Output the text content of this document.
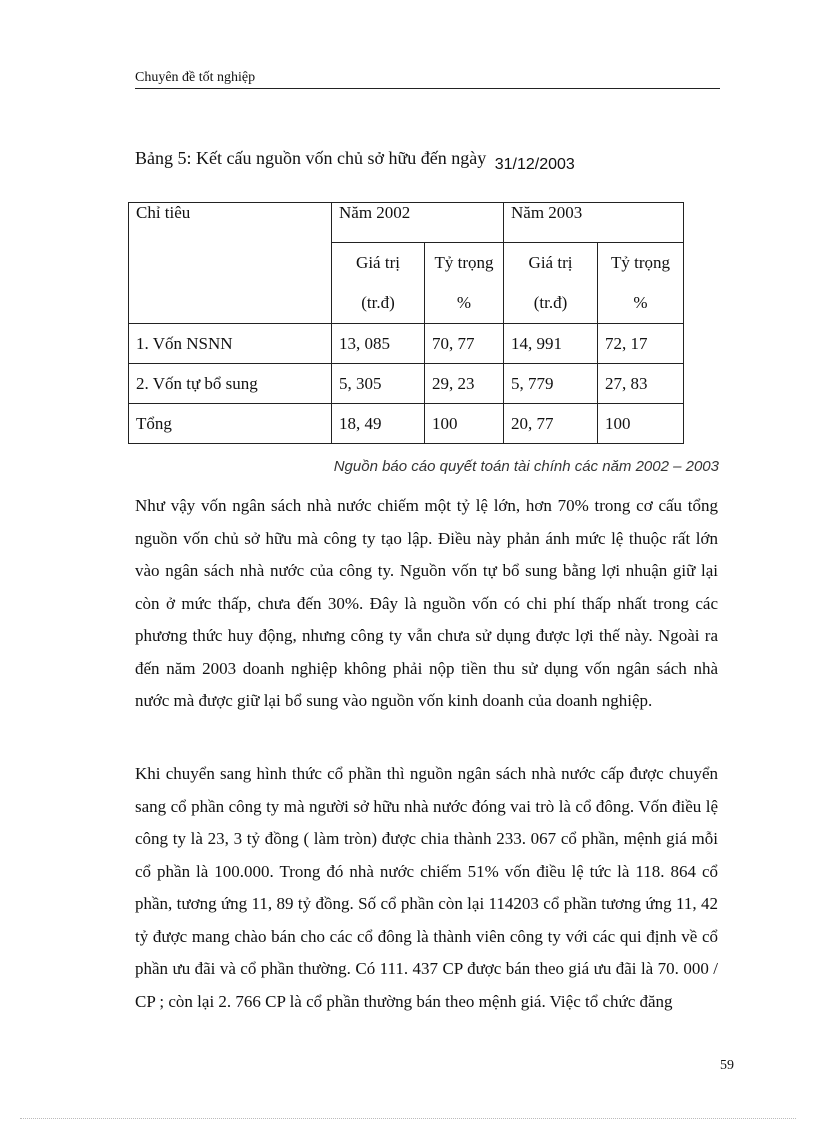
Chuyên đề tốt nghiệp
Bảng 5: Kết cấu nguồn vốn chủ sở hữu đến ngày 31/12/2003
Chỉ tiêu	Năm 2002		Năm 2003	
	Giá trị	Tỷ trọng	Giá trị	Tỷ trọng
	(tr.đ)	%	(tr.đ)	%
1. Vốn NSNN	13, 085	70, 77	14, 991	72, 17
2. Vốn tự bổ sung	5, 305	29, 23	5, 779	27, 83
Tổng	18, 49	100	20, 77	100
Nguồn báo cáo quyết toán tài chính các năm 2002 – 2003

Như vậy vốn ngân sách nhà nước chiếm một tỷ lệ lớn, hơn 70% trong cơ cấu tổng nguồn vốn chủ sở hữu mà công ty tạo lập. Điều này phản ánh mức lệ thuộc rất lớn vào ngân sách nhà nước của công ty. Nguồn vốn tự bổ sung bằng lợi nhuận giữ lại còn ở mức thấp, chưa đến 30%. Đây là nguồn vốn có chi phí thấp nhất trong các phương thức huy động, nhưng công ty vẫn chưa sử dụng được lợi thế này. Ngoài ra đến năm 2003 doanh nghiệp không phải nộp tiền thu sử dụng vốn ngân sách nhà nước mà được giữ lại bổ sung vào nguồn vốn kinh doanh của doanh nghiệp.

Khi chuyển sang hình thức cổ phần thì nguồn ngân sách nhà nước cấp được chuyển sang cổ phần công ty mà người sở hữu nhà nước đóng vai trò là cổ đông. Vốn điều lệ công ty là 23, 3 tỷ đồng ( làm tròn) được chia thành 233. 067 cổ phần, mệnh giá mỗi cổ phần là 100.000. Trong đó nhà nước chiếm 51% vốn điều lệ tức là 118. 864 cổ phần, tương ứng 11, 89 tỷ đồng. Số cổ phần còn lại 114203 cổ phần tương ứng 11, 42 tỷ được mang chào bán cho các cổ đông là thành viên công ty với các qui định về cổ phần ưu đãi và cổ phần thường. Có 111. 437 CP được bán theo giá ưu đãi là 70. 000 / CP ; còn lại 2. 766 CP là cổ phần thường bán theo mệnh giá. Việc tổ chức đăng

59
